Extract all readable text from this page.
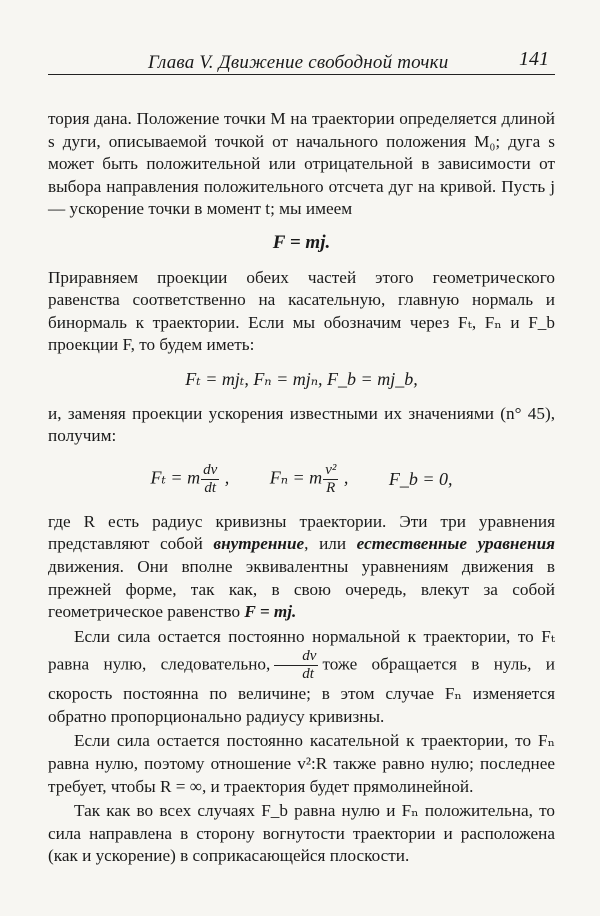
Глава V. Движение свободной точки	141

тория дана. Положение точки M на траектории определяется длиной s дуги, описываемой точкой от начального положения M₀; дуга s может быть положительной или отрицательной в зависимости от выбора направления положительного отсчета дуг на кривой. Пусть j — ускорение точки в момент t; мы имеем

F = mj.

Приравняем проекции обеих частей этого геометрического равенства соответственно на касательную, главную нормаль и бинормаль к траектории. Если мы обозначим через Fₜ, Fₙ и F_b проекции F, то будем иметь:

Fₜ = mjₜ, Fₙ = mjₙ, F_b = mj_b,

и, заменяя проекции ускорения известными их значениями (n° 45), получим:

Fₜ = m $\frac{dv}{dt}$ , Fₙ = m $\frac{\text{v²}}{R}$ , F_b = 0,

где R есть радиус кривизны траектории. Эти три уравнения представляют собой внутренние, или естественные уравнения движения. Они вполне эквивалентны уравнениям движения в прежней форме, так как, в свою очередь, влекут за собой геометрическое равенство F = mj.

Если сила остается постоянно нормальной к траектории, то Fₜ равна нулю, следовательно, $\frac{dv}{dt}$ тоже обращается в нуль, и скорость постоянна по величине; в этом случае Fₙ изменяется обратно пропорционально радиусу кривизны.

Если сила остается постоянно касательной к траектории, то Fₙ равна нулю, поэтому отношение v²:R также равно нулю; последнее требует, чтобы R = ∞, и траектория будет прямолинейной.

Так как во всех случаях F_b равна нулю и Fₙ положительна, то сила направлена в сторону вогнутости траектории и расположена (как и ускорение) в соприкасающейся плоскости.
